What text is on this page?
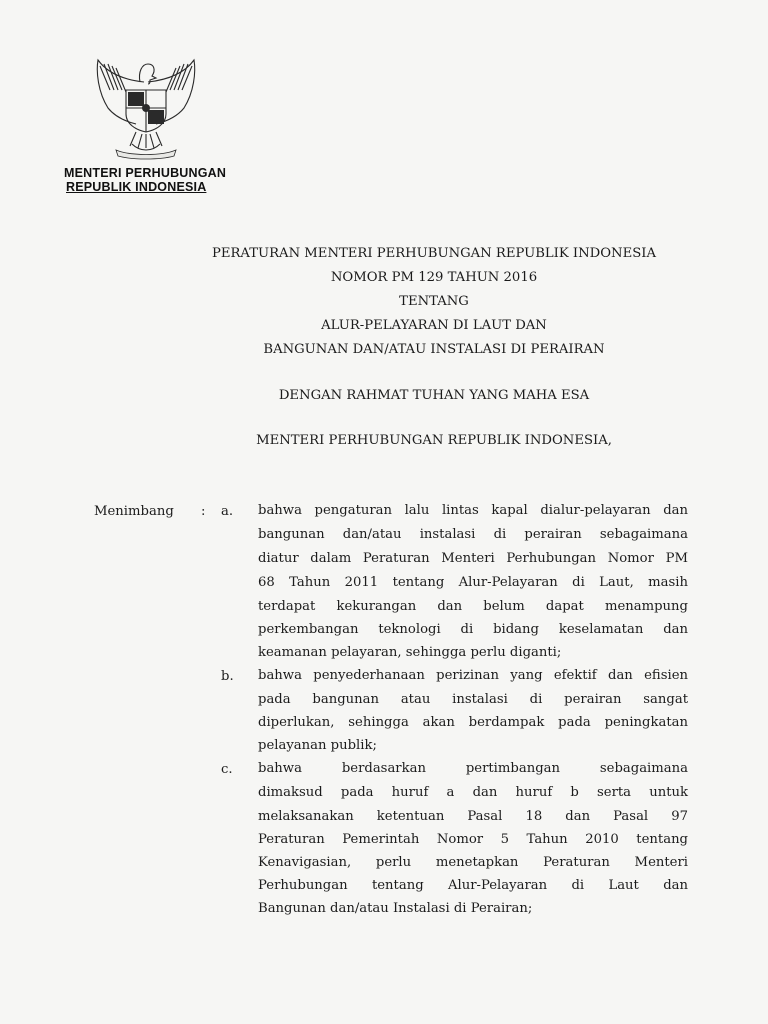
MENTERI PERHUBUNGAN
REPUBLIK INDONESIA
PERATURAN MENTERI PERHUBUNGAN REPUBLIK INDONESIA
NOMOR PM 129 TAHUN 2016
TENTANG
ALUR-PELAYARAN DI LAUT DAN
BANGUNAN DAN/ATAU INSTALASI DI PERAIRAN
DENGAN RAHMAT TUHAN YANG MAHA ESA
MENTERI PERHUBUNGAN REPUBLIK INDONESIA,
Menimbang : a. bahwa pengaturan lalu lintas kapal dialur-pelayaran dan
bangunan dan/atau instalasi di perairan sebagaimana
diatur dalam Peraturan Menteri Perhubungan Nomor PM
68 Tahun 2011 tentang Alur-Pelayaran di Laut, masih
terdapat kekurangan dan belum dapat menampung
perkembangan teknologi di bidang keselamatan dan
keamanan pelayaran, sehingga perlu diganti;
b. bahwa penyederhanaan perizinan yang efektif dan efisien
pada bangunan atau instalasi di perairan sangat
diperlukan, sehingga akan berdampak pada peningkatan
pelayanan publik;
c. bahwa berdasarkan pertimbangan sebagaimana
dimaksud pada huruf a dan huruf b serta untuk
melaksanakan ketentuan Pasal 18 dan Pasal 97
Peraturan Pemerintah Nomor 5 Tahun 2010 tentang
Kenavigasian, perlu menetapkan Peraturan Menteri
Perhubungan tentang Alur-Pelayaran di Laut dan
Bangunan dan/atau Instalasi di Perairan;
